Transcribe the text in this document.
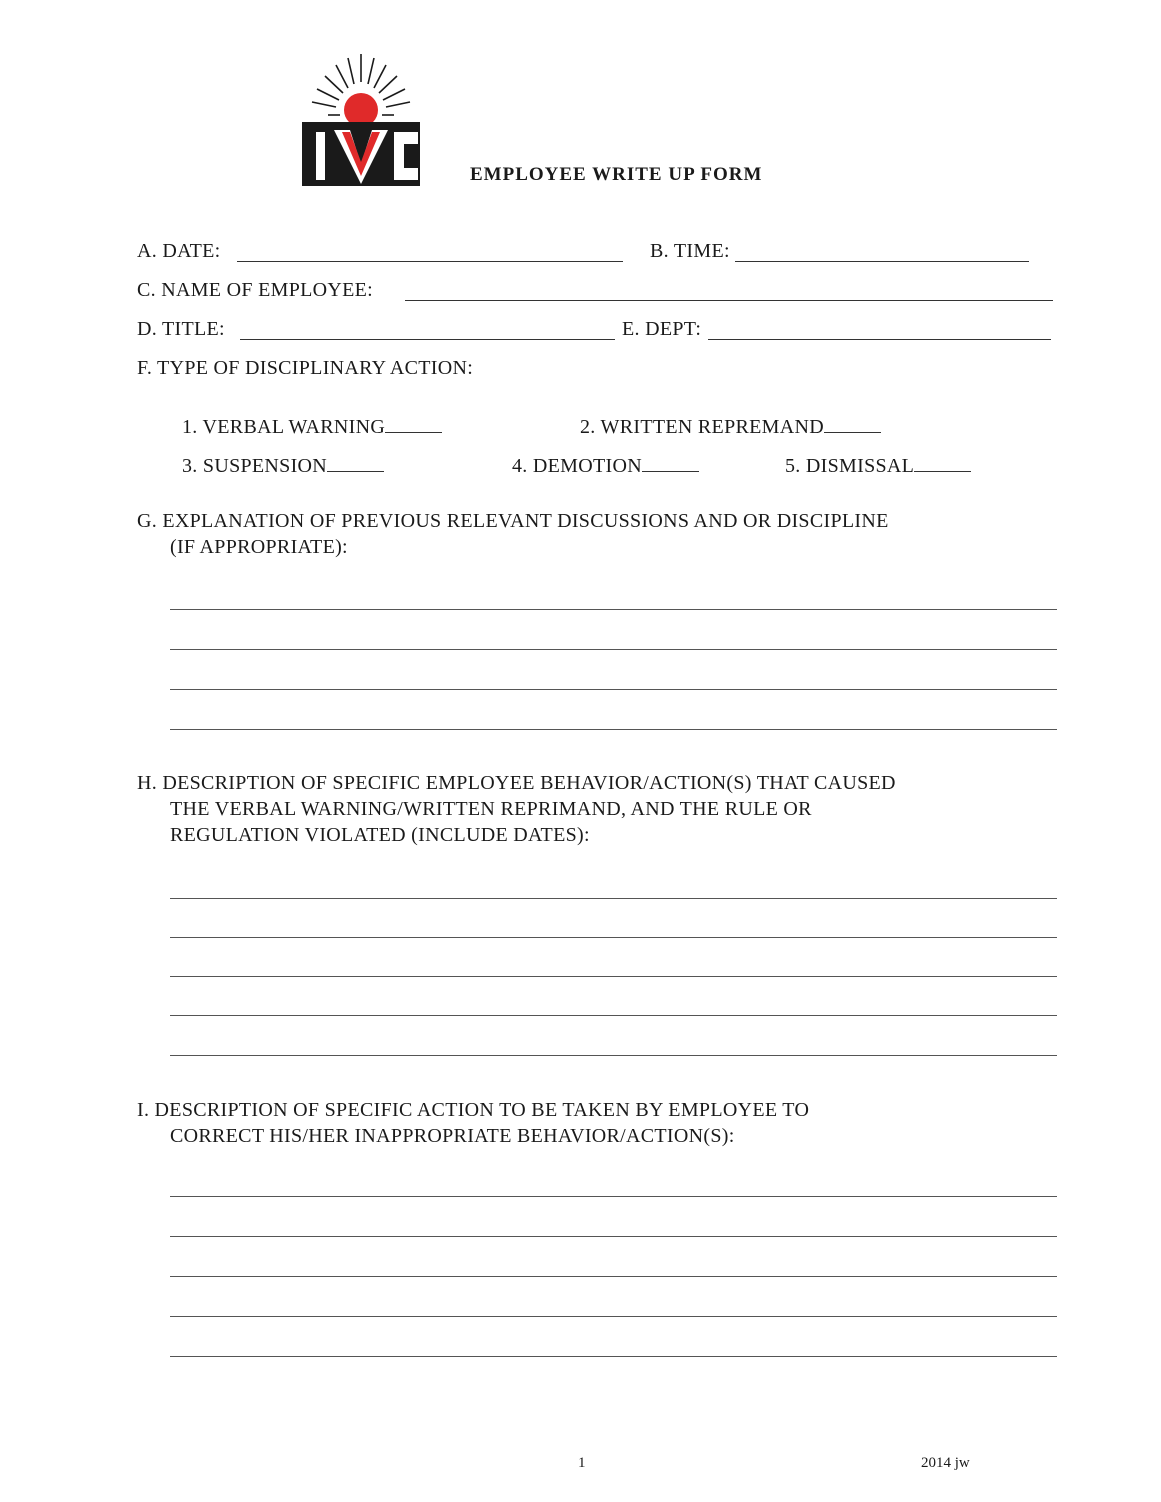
EMPLOYEE WRITE UP FORM
A. DATE:	B. TIME:
C. NAME OF EMPLOYEE:
D. TITLE:	E. DEPT:
F. TYPE OF DISCIPLINARY ACTION:
1. VERBAL WARNING	2. WRITTEN REPREMAND
3. SUSPENSION	4. DEMOTION	5. DISMISSAL
G. EXPLANATION OF PREVIOUS RELEVANT DISCUSSIONS AND OR DISCIPLINE
(IF APPROPRIATE):
H. DESCRIPTION OF SPECIFIC EMPLOYEE BEHAVIOR/ACTION(S) THAT CAUSED
THE VERBAL WARNING/WRITTEN REPRIMAND, AND THE RULE OR
REGULATION VIOLATED (INCLUDE DATES):
I. DESCRIPTION OF SPECIFIC ACTION TO BE TAKEN BY EMPLOYEE TO
CORRECT HIS/HER INAPPROPRIATE BEHAVIOR/ACTION(S):
1	2014 jw
